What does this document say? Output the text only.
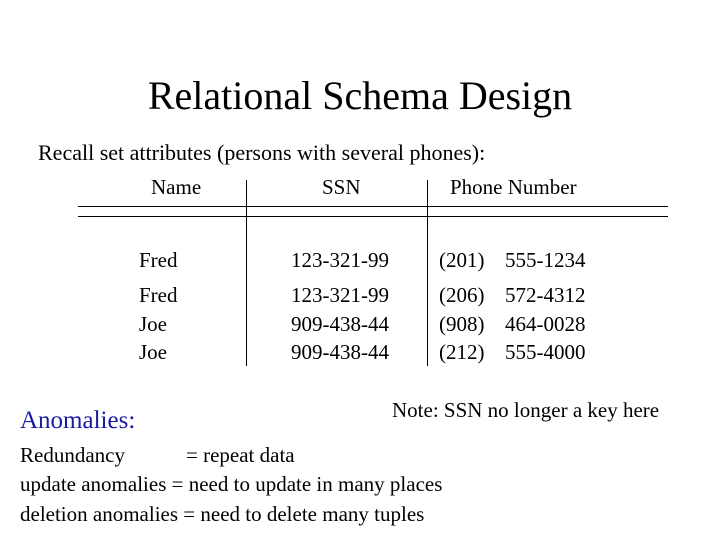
Relational Schema Design
Recall set attributes (persons with several phones):
Name	SSN	Phone Number
Fred	123-321-99 (201) 555-1234
Fred	123-321-99 (206) 572-4312
Joe	909-438-44 (908) 464-0028
Joe	909-438-44 (212) 555-4000
Note: SSN no longer a key here
Anomalies:
Redundancy	= repeat data
update anomalies = need to update in many places
deletion anomalies = need to delete many tuples
